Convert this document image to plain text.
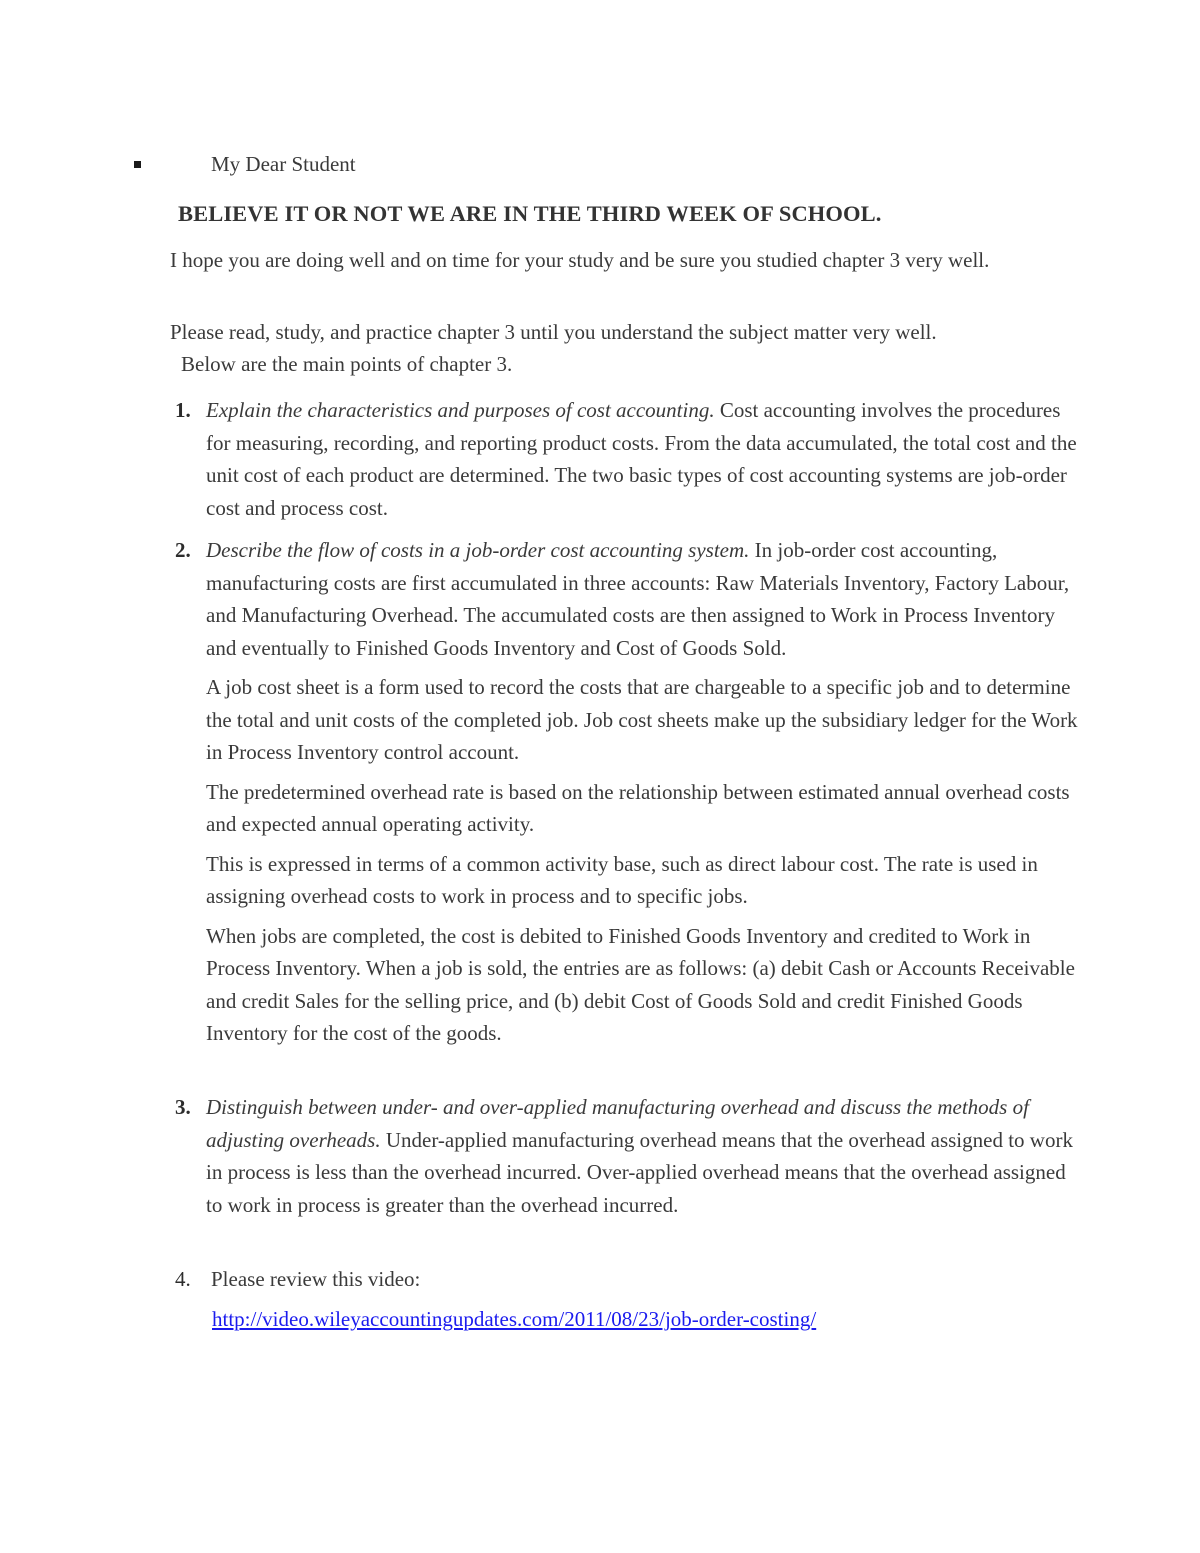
My Dear Student
BELIEVE IT OR NOT WE ARE IN THE THIRD WEEK OF SCHOOL.

I hope you are doing well and on time for your study and be sure you studied chapter 3 very well.

Please read, study, and practice chapter 3 until you understand the subject matter very well.

Below are the main points of chapter 3.

1. Explain the characteristics and purposes of cost accounting. Cost accounting involves the procedures for measuring, recording, and reporting product costs. From the data accumulated, the total cost and the unit cost of each product are determined. The two basic types of cost accounting systems are job-order cost and process cost.

2. Describe the flow of costs in a job-order cost accounting system. In job-order cost accounting, manufacturing costs are first accumulated in three accounts: Raw Materials Inventory, Factory Labour, and Manufacturing Overhead. The accumulated costs are then assigned to Work in Process Inventory and eventually to Finished Goods Inventory and Cost of Goods Sold.

A job cost sheet is a form used to record the costs that are chargeable to a specific job and to determine the total and unit costs of the completed job. Job cost sheets make up the subsidiary ledger for the Work in Process Inventory control account.

The predetermined overhead rate is based on the relationship between estimated annual overhead costs and expected annual operating activity.

This is expressed in terms of a common activity base, such as direct labour cost. The rate is used in assigning overhead costs to work in process and to specific jobs.

When jobs are completed, the cost is debited to Finished Goods Inventory and credited to Work in Process Inventory. When a job is sold, the entries are as follows: (a) debit Cash or Accounts Receivable and credit Sales for the selling price, and (b) debit Cost of Goods Sold and credit Finished Goods Inventory for the cost of the goods.

3. Distinguish between under- and over-applied manufacturing overhead and discuss the methods of adjusting overheads. Under-applied manufacturing overhead means that the overhead assigned to work in process is less than the overhead incurred. Over-applied overhead means that the overhead assigned to work in process is greater than the overhead incurred.

4. Please review this video:

http://video.wileyaccountingupdates.com/2011/08/23/job-order-costing/
